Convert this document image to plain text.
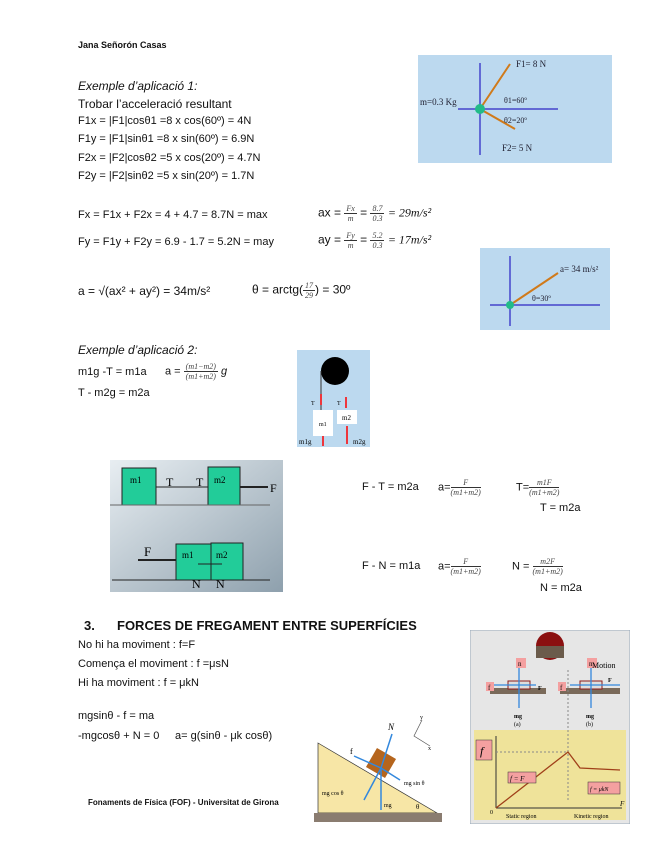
Jana Señorón Casas
Exemple d’aplicació 1:
Trobar l’acceleració resultant
F1x = |F1|cosθ1 =8 x cos(60º) = 4N
F1y = |F1|sinθ1 =8 x sin(60º) = 6.9N
F2x = |F2|cosθ2 =5 x cos(20º) = 4.7N
F2y = |F2|sinθ2 =5 x sin(20º) = 1.7N
Fx = F1x + F2x = 4 + 4.7 = 8.7N = max
Fy = F1y + F2y = 6.9 - 1.7 = 5.2N = may
ax = $\frac{Fx}{m} = \frac{8.7}{0.3} = 29m/s^2$
ay = $\frac{Fy}{m} = \frac{5.2}{0.3} = 17m/s^2$
a = √(ax² + ay²) = 34m/s²	θ = arctg( $\frac{17}{29}$ ) = 30º
m=0.3 Kg
F1= 8 N
F2= 5 N
θ1=60º
θ2=20º
a= 34 m/s²
θ=30º
Exemple d’aplicació 2:
m1g -T = m1a $a = \frac{(m1-m2)}{(m1+m2)}$ g
T - m2g = m2a
m1
m2
T	T
m1g	m2g
m1	m2
T T	F
F	m1 m2
N N
F - T = m2a $a= \frac{F}{(m1+m2)}$	$T= \frac{m1F}{(m1+m2)}$
T = m2a
F - N = m1a $a= \frac{F}{(m1+m2)}$	$N = \frac{m2F}{(m1+m2)}$
N = m2a
3. FORCES DE FREGAMENT ENTRE SUPERFÍCIES
No hi ha moviment : f=F
Comença el moviment : f =μsN
Hi ha moviment : f = μkN
mgsinθ - f = ma
-mgcosθ + N = 0 a= g(sinθ - μk cosθ)
N
f
mg sin θ
mg cos θ
mg	θ
x
y
n	n
f	f
F
F
mg	mg
(a)	(b)
Motion
f
f = F
f = μkN
F
0
Static region	Kinetic region
Fonaments de Física (FOF) - Universitat de Girona
